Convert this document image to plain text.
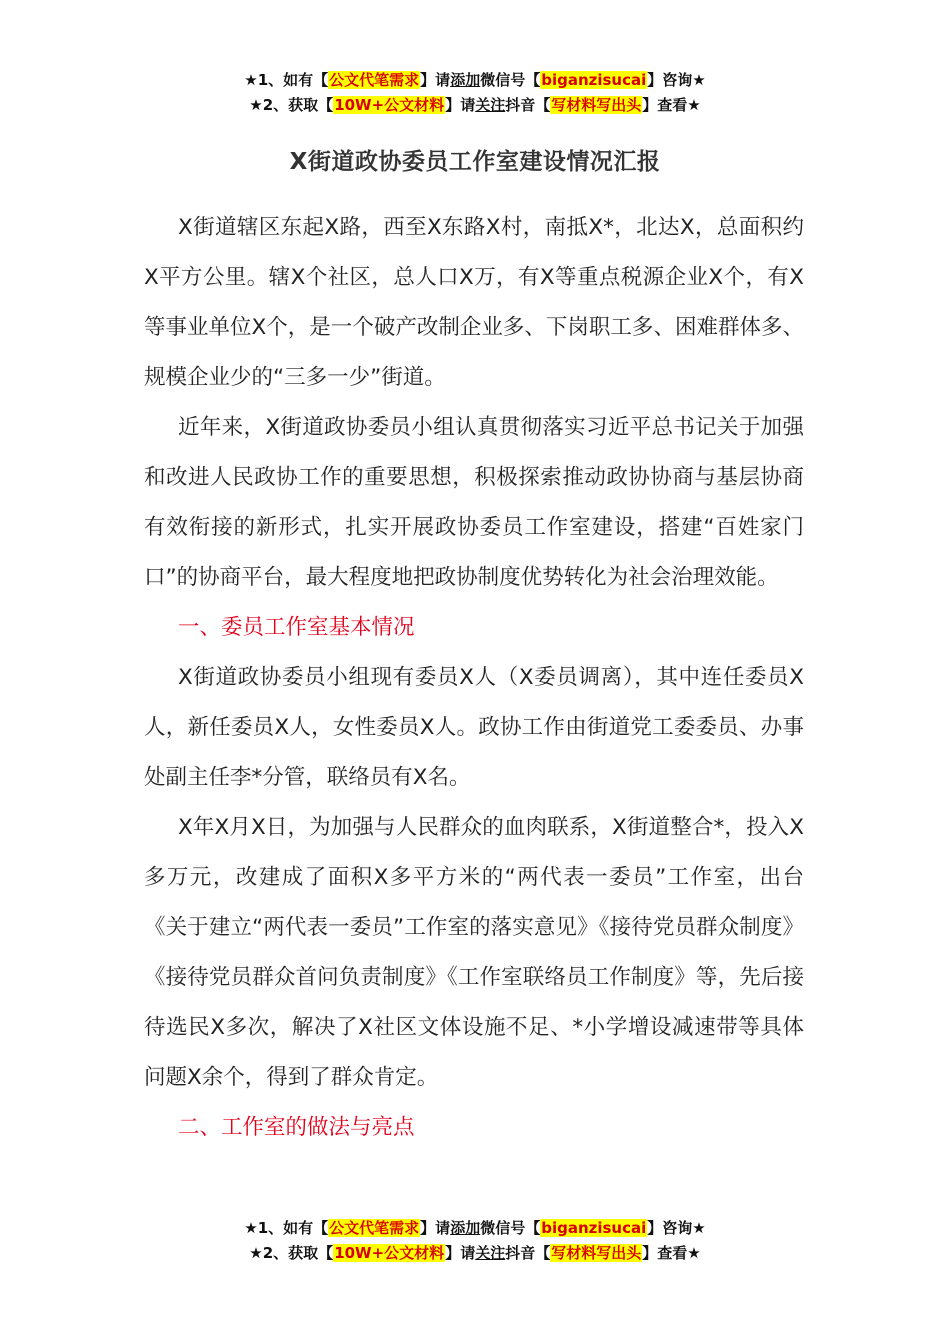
★1、如有【公文代笔需求】请添加微信号【biganzisucai】咨询★
★2、获取【10W+公文材料】请关注抖音【写材料写出头】查看★
X街道政协委员工作室建设情况汇报

X街道辖区东起X路，西至X东路X村，南抵X*，北达X，总面积约X平方公里。辖X个社区，总人口X万，有X等重点税源企业X个，有X等事业单位X个，是一个破产改制企业多、下岗职工多、困难群体多、规模企业少的“三多一少”街道。

近年来，X街道政协委员小组认真贯彻落实习近平总书记关于加强和改进人民政协工作的重要思想，积极探索推动政协协商与基层协商有效衔接的新形式，扎实开展政协委员工作室建设，搭建“百姓家门口”的协商平台，最大程度地把政协制度优势转化为社会治理效能。

一、委员工作室基本情况

X街道政协委员小组现有委员X人（X委员调离），其中连任委员X人，新任委员X人，女性委员X人。政协工作由街道党工委委员、办事处副主任李*分管，联络员有X名。

X年X月X日，为加强与人民群众的血肉联系，X街道整合*，投入X多万元，改建成了面积X多平方米的“两代表一委员”工作室，出台《关于建立“两代表一委员”工作室的落实意见》《接待党员群众制度》《接待党员群众首问负责制度》《工作室联络员工作制度》等，先后接待选民X多次，解决了X社区文体设施不足、*小学增设减速带等具体问题X余个，得到了群众肯定。

二、工作室的做法与亮点
★1、如有【公文代笔需求】请添加微信号【biganzisucai】咨询★
★2、获取【10W+公文材料】请关注抖音【写材料写出头】查看★
